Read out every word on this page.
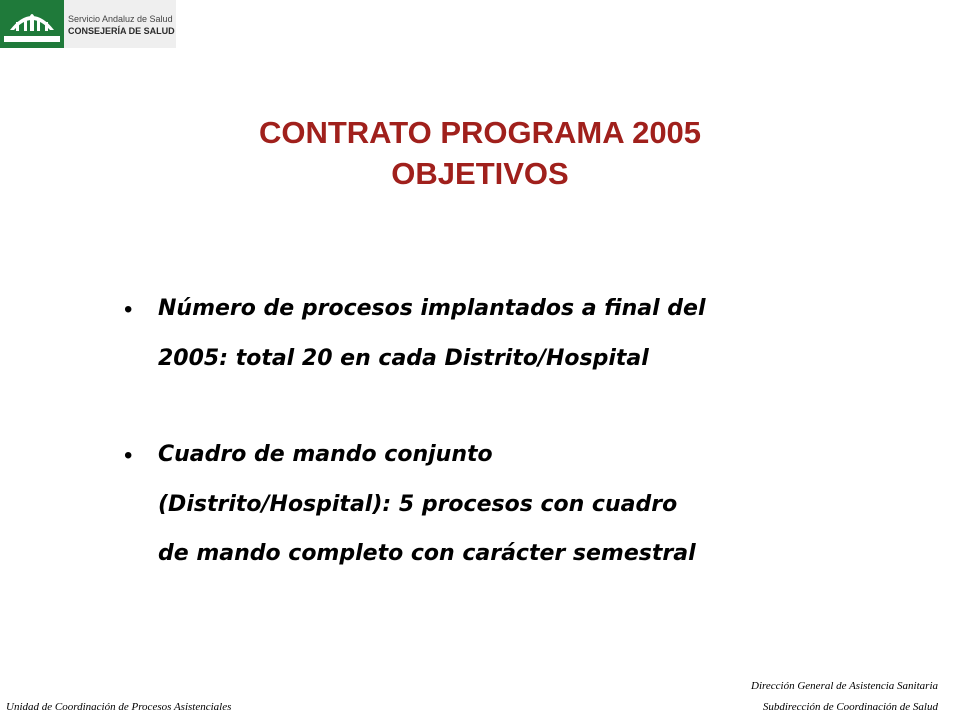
Servicio Andaluz de Salud
CONSEJERÍA DE SALUD
CONTRATO PROGRAMA 2005
OBJETIVOS
• Número de procesos implantados a final del
2005: total 20 en cada Distrito/Hospital
• Cuadro de mando conjunto
(Distrito/Hospital): 5 procesos con cuadro
de mando completo con carácter semestral
Unidad de Coordinación de Procesos Asistenciales
Dirección General de Asistencia Sanitaria
Subdirección de Coordinación de Salud
